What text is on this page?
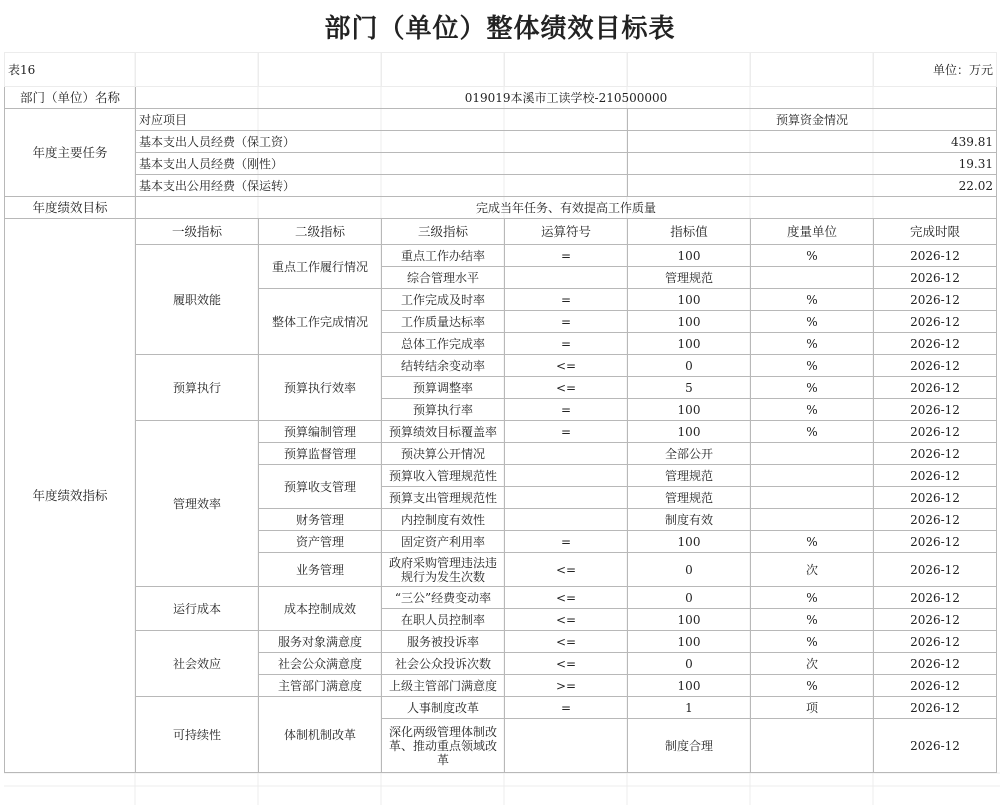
部门（单位）整体绩效目标表
表16							单位：万元
部门（单位）名称	019019本溪市工读学校-210500000						
年度主要任务	对应项目				预算资金情况		
	基本支出人员经费（保工资）				439.81		
	基本支出人员经费（刚性）				19.31		
	基本支出公用经费（保运转）				22.02		
年度绩效目标	完成当年任务、有效提高工作质量						
年度绩效指标	一级指标	二级指标	三级指标	运算符号	指标值	度量单位	完成时限
	履职效能	重点工作履行情况	重点工作办结率	=	100	%	2026-12
			综合管理水平		管理规范		2026-12
		整体工作完成情况	工作完成及时率	=	100	%	2026-12
			工作质量达标率	=	100	%	2026-12
			总体工作完成率	=	100	%	2026-12
	预算执行	预算执行效率	结转结余变动率	<=	0	%	2026-12
			预算调整率	<=	5	%	2026-12
			预算执行率	=	100	%	2026-12
	管理效率	预算编制管理	预算绩效目标覆盖率	=	100	%	2026-12
		预算监督管理	预决算公开情况		全部公开		2026-12
		预算收支管理	预算收入管理规范性		管理规范		2026-12
			预算支出管理规范性		管理规范		2026-12
		财务管理	内控制度有效性		制度有效		2026-12
		资产管理	固定资产利用率	=	100	%	2026-12
		业务管理	政府采购管理违法违规行为发生次数	<=	0	次	2026-12
	运行成本	成本控制成效	“三公”经费变动率	<=	0	%	2026-12
			在职人员控制率	<=	100	%	2026-12
	社会效应	服务对象满意度	服务被投诉率	<=	100	%	2026-12
		社会公众满意度	社会公众投诉次数	<=	0	次	2026-12
		主管部门满意度	上级主管部门满意度	>=	100	%	2026-12
	可持续性	体制机制改革	人事制度改革	=	1	项	2026-12
			深化两级管理体制改革、推动重点领域改革		制度合理		2026-12
